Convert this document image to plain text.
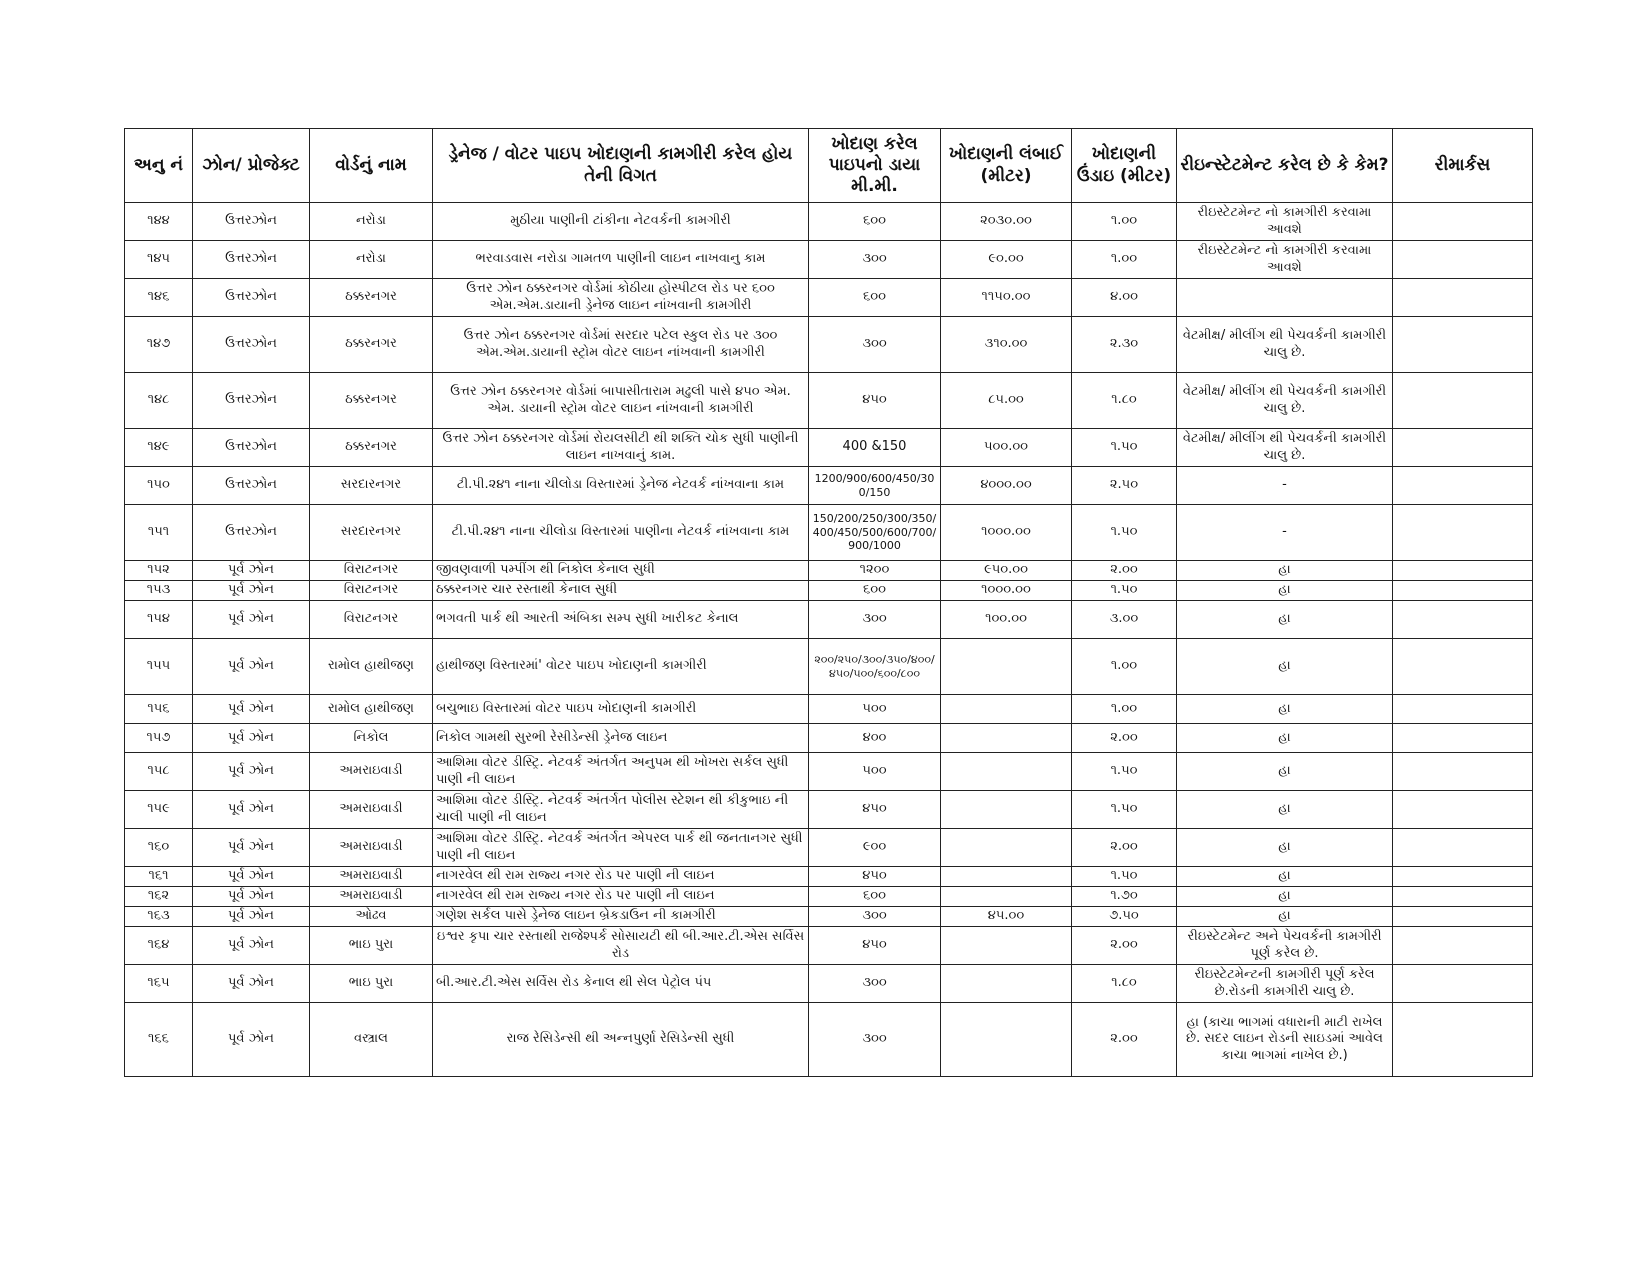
અનુ નં	ઝોન/ પ્રોજેક્ટ	વોર્ડનું નામ	ડ્રેનેજ / વોટર પાઇપ ખોદાણની કામગીરી કરેલ હોય તેની વિગત	ખોદાણ કરેલ પાઇપનો ડાયા મી.મી.	ખોદાણની લંબાઈ (મીટર)	ખોદાણની ઉંડાઇ (મીટર)	રીઇન્સ્ટેટમેન્ટ કરેલ છે કે કેમ?	રીમાર્કસ
૧૪૪	ઉત્તરઝોન	નરોડા	મુઠીયા પાણીની ટાંકીના નેટવર્કની કામગીરી	૬૦૦	૨૦૩૦.૦૦	૧.૦૦	રીઇસ્ટેટમેન્ટ નો કામગીરી કરવામા આવશે	
૧૪૫	ઉત્તરઝોન	નરોડા	ભરવાડવાસ નરોડા ગામતળ પાણીની લાઇન નાખવાનુ કામ	૩૦૦	૯૦.૦૦	૧.૦૦	રીઇસ્ટેટમેન્ટ નો કામગીરી કરવામા આવશે	
૧૪૬	ઉત્તરઝોન	ઠક્કરનગર	ઉત્તર ઝોન ઠક્કરનગર વોર્ડમાં કોઠીયા હોસ્પીટલ રોડ પર ૬૦૦ એમ.એમ.ડાયાની ડ્રેનેજ લાઇન નાંખવાની કામગીરી	૬૦૦	૧૧૫૦.૦૦	૪.૦૦		
૧૪૭	ઉત્તરઝોન	ઠક્કરનગર	ઉત્તર ઝોન ઠક્કરનગર વોર્ડમાં સરદાર પટેલ સ્કુલ રોડ પર ૩૦૦ એમ.એમ.ડાયાની સ્ટ્રોમ વોટર લાઇન નાંખવાની કામગીરી	૩૦૦	૩૧૦.૦૦	૨.૩૦	વેટમીક્ષ/ મીલીંગ થી પેચવર્કની કામગીરી ચાલુ છે.	
૧૪૮	ઉત્તરઝોન	ઠક્કરનગર	ઉત્તર ઝોન ઠક્કરનગર વોર્ડમાં બાપાસીતારામ મઢુલી પાસે ૪૫૦ એમ. એમ. ડાયાની સ્ટ્રોમ વોટર લાઇન નાંખવાની કામગીરી	૪૫૦	૮૫.૦૦	૧.૮૦	વેટમીક્ષ/ મીલીંગ થી પેચવર્કની કામગીરી ચાલુ છે.	
૧૪૯	ઉત્તરઝોન	ઠક્કરનગર	ઉત્તર ઝોન ઠક્કરનગર વોર્ડમાં રોયલસીટી થી શક્તિ ચોક સુધી પાણીની લાઇન નાખવાનું કામ.	400 &150	૫૦૦.૦૦	૧.૫૦	વેટમીક્ષ/ મીલીંગ થી પેચવર્કની કામગીરી ચાલુ છે.	
૧૫૦	ઉત્તરઝોન	સરદારનગર	ટી.પી.૨૪૧ નાના ચીલોડા વિસ્તારમાં ડ્રેનેજ નેટવર્ક નાંખવાના કામ	1200/900/600/450/300/150	૪૦૦૦.૦૦	૨.૫૦	-	
૧૫૧	ઉત્તરઝોન	સરદારનગર	ટી.પી.૨૪૧ નાના ચીલોડા વિસ્તારમાં પાણીના નેટવર્ક નાંખવાના કામ	150/200/250/300/350/400/450/500/600/700/900/1000	૧૦૦૦.૦૦	૧.૫૦	-	
૧૫૨	પૂર્વ ઝોન	વિરાટનગર	જીવણવાળી પમ્પીંગ થી નિકોલ કેનાલ સુધી	૧૨૦૦	૯૫૦.૦૦	૨.૦૦	હા	
૧૫૩	પૂર્વ ઝોન	વિરાટનગર	ઠક્કરનગર ચાર રસ્તાથી કેનાલ સુધી	૬૦૦	૧૦૦૦.૦૦	૧.૫૦	હા	
૧૫૪	પૂર્વ ઝોન	વિરાટનગર	ભગવતી પાર્ક થી આરતી અંબિકા સમ્પ સુધી ખારીકટ કેનાલ	૩૦૦	૧૦૦.૦૦	૩.૦૦	હા	
૧૫૫	પૂર્વ ઝોન	રામોલ હાથીજણ	હાથીજણ વિસ્તારમાં' વોટર પાઇપ ખોદાણની કામગીરી	૨૦૦/૨૫૦/૩૦૦/૩૫૦/૪૦૦/૪૫૦/૫૦૦/૬૦૦/૮૦૦		૧.૦૦	હા	
૧૫૬	પૂર્વ ઝોન	રામોલ હાથીજણ	બચુભાઇ વિસ્તારમાં વોટર પાઇપ ખોદાણની કામગીરી	૫૦૦		૧.૦૦	હા	
૧૫૭	પૂર્વ ઝોન	નિકોલ	નિકોલ ગામથી સુરભી રેસીડેન્સી ડ્રેનેજ લાઇન	૪૦૦		૨.૦૦	હા	
૧૫૮	પૂર્વ ઝોન	અમરાઇવાડી	આશિમા વોટર ડીસ્ટ્રિ. નેટવર્ક અંતર્ગત અનુપમ થી ખોખરા સર્કલ સુધી પાણી ની લાઇન	૫૦૦		૧.૫૦	હા	
૧૫૯	પૂર્વ ઝોન	અમરાઇવાડી	આશિમા વોટર ડીસ્ટ્રિ. નેટવર્ક અંતર્ગત પોલીસ સ્ટેશન થી કીકુભાઇ ની ચાલી પાણી ની લાઇન	૪૫૦		૧.૫૦	હા	
૧૬૦	પૂર્વ ઝોન	અમરાઇવાડી	આશિમા વોટર ડીસ્ટ્રિ. નેટવર્ક અંતર્ગત એપરલ પાર્ક થી જનતાનગર સુધી પાણી ની લાઇન	૯૦૦		૨.૦૦	હા	
૧૬૧	પૂર્વ ઝોન	અમરાઇવાડી	નાગરવેલ થી રામ રાજ્ય નગર રોડ પર પાણી ની લાઇન	૪૫૦		૧.૫૦	હા	
૧૬૨	પૂર્વ ઝોન	અમરાઇવાડી	નાગરવેલ થી રામ રાજ્ય નગર રોડ પર પાણી ની લાઇન	૬૦૦		૧.૭૦	હા	
૧૬૩	પૂર્વ ઝોન	ઓઢવ	ગણેશ સર્કલ પાસે ડ્રેનેજ લાઇન બ્રેકડાઉન ની કામગીરી	૩૦૦	૪૫.૦૦	૭.૫૦	હા	
૧૬૪	પૂર્વ ઝોન	ભાઇ પુરા	ઇશ્વર કૃપા ચાર રસ્તાથી રાજેશ્પર્ક સોસાયટી થી બી.આર.ટી.એસ સર્વિસ રોડ	૪૫૦		૨.૦૦	રીઇસ્ટેટમેન્ટ અને પેચવર્કની કામગીરી પૂર્ણ કરેલ છે.	
૧૬૫	પૂર્વ ઝોન	ભાઇ પુરા	બી.આર.ટી.એસ સર્વિસ રોડ કેનાલ થી સેલ પેટ્રોલ પંપ	૩૦૦		૧.૮૦	રીઇસ્ટેટમેન્ટની કામગીરી પૂર્ણ કરેલ છે.રોડની કામગીરી ચાલુ છે.	
૧૬૬	પૂર્વ ઝોન	વસ્ત્રાલ	રાજ રેસિડેન્સી થી અન્નપુર્ણા રેસિડેન્સી સુધી	૩૦૦		૨.૦૦	હા (કાચા ભાગમાં વધારાની માટી રાખેલ છે. સદર લાઇન રોડની સાઇડમાં આવેલ કાચા ભાગમાં નાખેલ છે.)	
